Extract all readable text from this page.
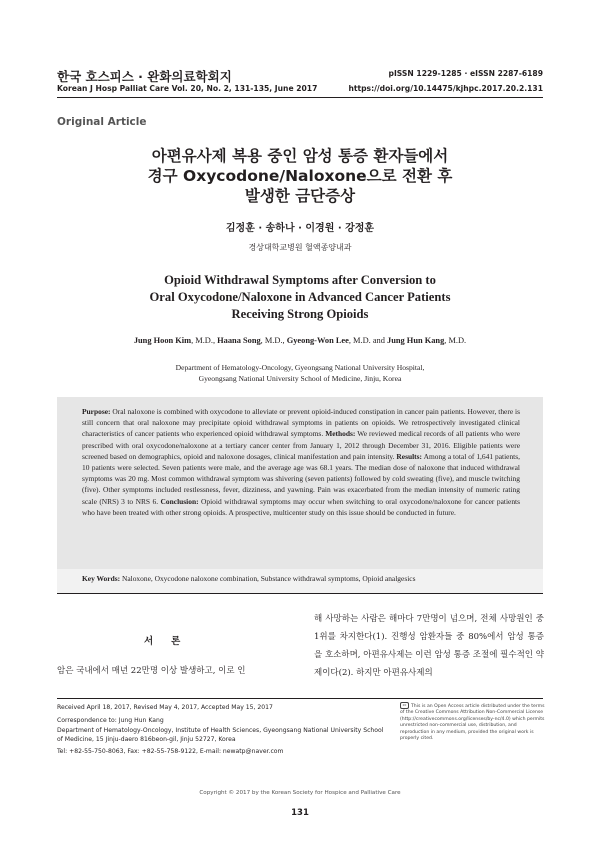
한국 호스피스 · 완화의료학회지
Korean J Hosp Palliat Care Vol. 20, No. 2, 131-135, June 2017
pISSN 1229-1285 · eISSN 2287-6189
https://doi.org/10.14475/kjhpc.2017.20.2.131
Original Article
아편유사제 복용 중인 암성 통증 환자들에서
경구 Oxycodone/Naloxone으로 전환 후
발생한 금단증상
김정훈 · 송하나 · 이경원 · 강정훈
경상대학교병원 혈액종양내과
Opioid Withdrawal Symptoms after Conversion to
Oral Oxycodone/Naloxone in Advanced Cancer Patients
Receiving Strong Opioids
Jung Hoon Kim, M.D., Haana Song, M.D., Gyeong-Won Lee, M.D. and Jung Hun Kang, M.D.
Department of Hematology-Oncology, Gyeongsang National University Hospital,
Gyeongsang National University School of Medicine, Jinju, Korea
Purpose: Oral naloxone is combined with oxycodone to alleviate or prevent opioid-induced constipation in cancer pain patients. However, there is still concern that oral naloxone may precipitate opioid withdrawal symptoms in patients on opioids. We retrospectively investigated clinical characteristics of cancer patients who experienced opioid withdrawal symptoms. Methods: We reviewed medical records of all patients who were prescribed with oral oxycodone/naloxone at a tertiary cancer center from January 1, 2012 through December 31, 2016. Eligible patients were screened based on demographics, opioid and naloxone dosages, clinical manifestation and pain intensity. Results: Among a total of 1,641 patients, 10 patients were selected. Seven patients were male, and the average age was 68.1 years. The median dose of naloxone that induced withdrawal symptoms was 20 mg. Most common withdrawal symptom was shivering (seven patients) followed by cold sweating (five), and muscle twitching (five). Other symptoms included restlessness, fever, dizziness, and yawning. Pain was exacerbated from the median intensity of numeric rating scale (NRS) 3 to NRS 6. Conclusion: Opioid withdrawal symptoms may occur when switching to oral oxycodone/naloxone for cancer patients who have been treated with other strong opioids. A prospective, multicenter study on this issue should be conducted in future.
Key Words: Naloxone, Oxycodone naloxone combination, Substance withdrawal symptoms, Opioid analgesics
서론
암은 국내에서 매년 22만명 이상 발생하고, 이로 인
해 사망하는 사람은 해마다 7만명이 넘으며, 전체 사망원인 중 1위를 차지한다(1). 진행성 암환자들 중 80%에서 암성 통증을 호소하며, 아편유사제는 이런 암성 통증 조절에 필수적인 약제이다(2). 하지만 아편유사제의
Received April 18, 2017, Revised May 4, 2017, Accepted May 15, 2017
Correspondence to: Jung Hun Kang
Department of Hematology-Oncology, Institute of Health Sciences, Gyeongsang National University School of Medicine, 15 Jinju-daero 816beon-gil, Jinju 52727, Korea
Tel: +82-55-750-8063, Fax: +82-55-758-9122, E-mail: newatp@naver.com
cc This is an Open Access article distributed under the terms of the Creative Commons Attribution Non-Commercial License (http://creativecommons.org/licenses/by-nc/4.0) which permits unrestricted non-commercial use, distribution, and reproduction in any medium, provided the original work is properly cited.
Copyright © 2017 by the Korean Society for Hospice and Palliative Care
131
